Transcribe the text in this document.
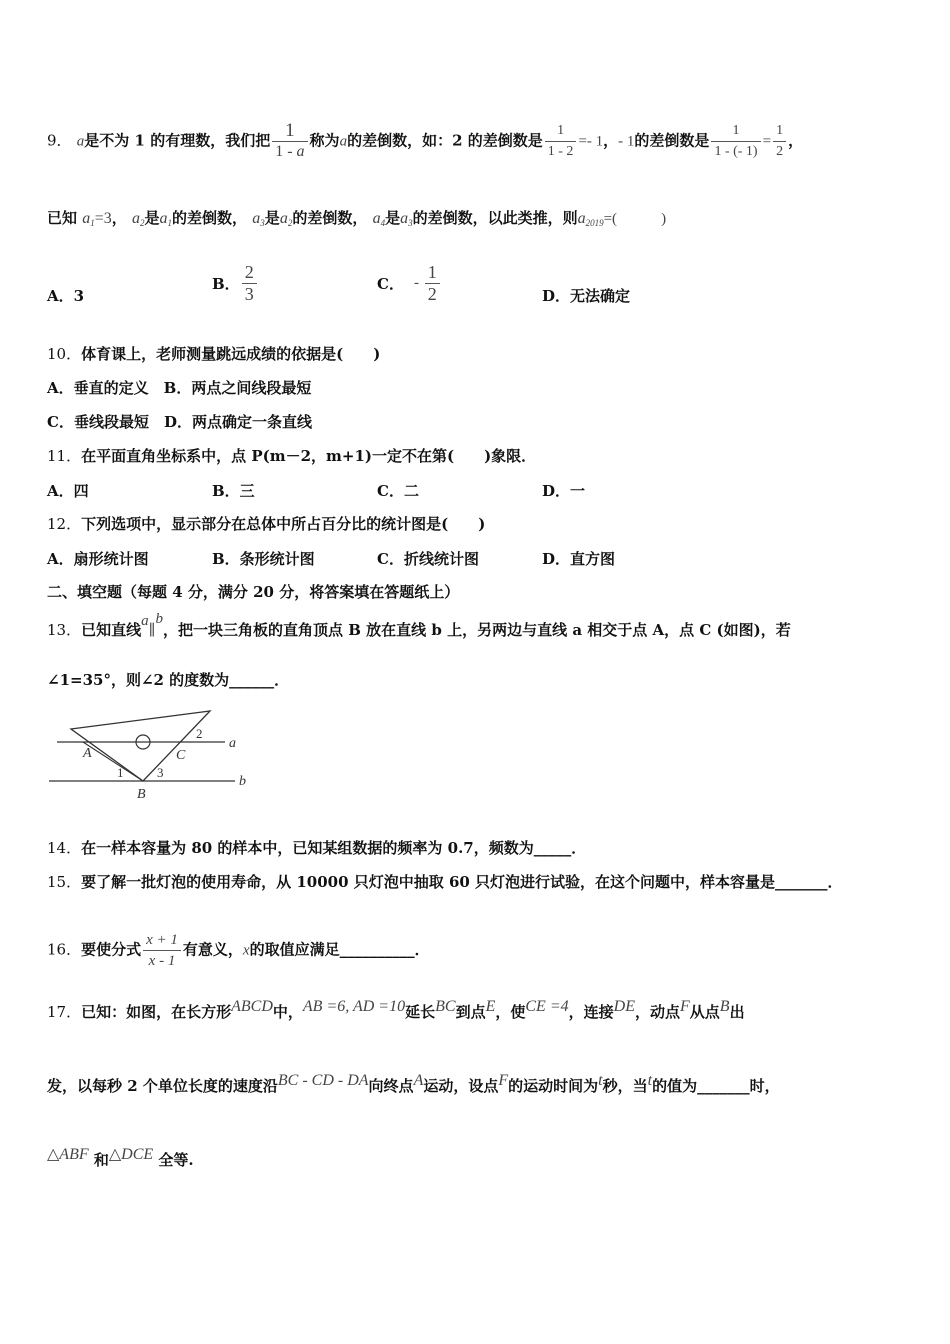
9． a是不为 1 的有理数，我们把 $\frac{1}{1 - a}$ 称为a的差倒数，如：2 的差倒数是 $\frac{1}{1 - 2} =- 1$，- 1的差倒数是 $\frac{1}{1 - (- 1)} = \frac{1}{2}$ ，
已知 $a_1=3$， $a_2$是$a_1$的差倒数， $a_3$是$a_2$的差倒数， $a_4$是$a_3$的差倒数，以此类推，则$a_{2019}=$(	)
A．3
B． $\frac{2}{3}$	C． - $\frac{1}{2}$	D．无法确定
10．体育课上，老师测量跳远成绩的依据是(　　)
A．垂直的定义　B．两点之间线段最短
C．垂线段最短　D．两点确定一条直线
11．在平面直角坐标系中，点 P(m－2，m+1)一定不在第(　　)象限．
A．四	B．三	C．二	D．一
12．下列选项中，显示部分在总体中所占百分比的统计图是(　　)
A．扇形统计图	B．条形统计图	C．折线统计图	D．直方图
二、填空题（每题 4 分，满分 20 分，将答案填在答题纸上）
13．已知直线a∥b，把一块三角板的直角顶点 B 放在直线 b 上，另两边与直线 a 相交于点 A，点 C (如图)，若
∠1=35°，则∠2 的度数为______．
A	C
2
a
1	3
b
B
14．在一样本容量为 80 的样本中，已知某组数据的频率为 0.7，频数为_____．
15．要了解一批灯泡的使用寿命，从 10000 只灯泡中抽取 60 只灯泡进行试验，在这个问题中，样本容量是_______．
16．要使分式 $\frac{x + 1}{x - 1}$ 有意义，x的取值应满足__________．
17．已知：如图，在长方形ABCD中，AB =6, AD =10延长BC到点E，使CE =4，连接DE，动点F从点B出
发，以每秒 2 个单位长度的速度沿BC - CD - DA向终点A运动，设点F的运动时间为t秒，当t的值为_______时，
△ABF 和△DCE 全等.
